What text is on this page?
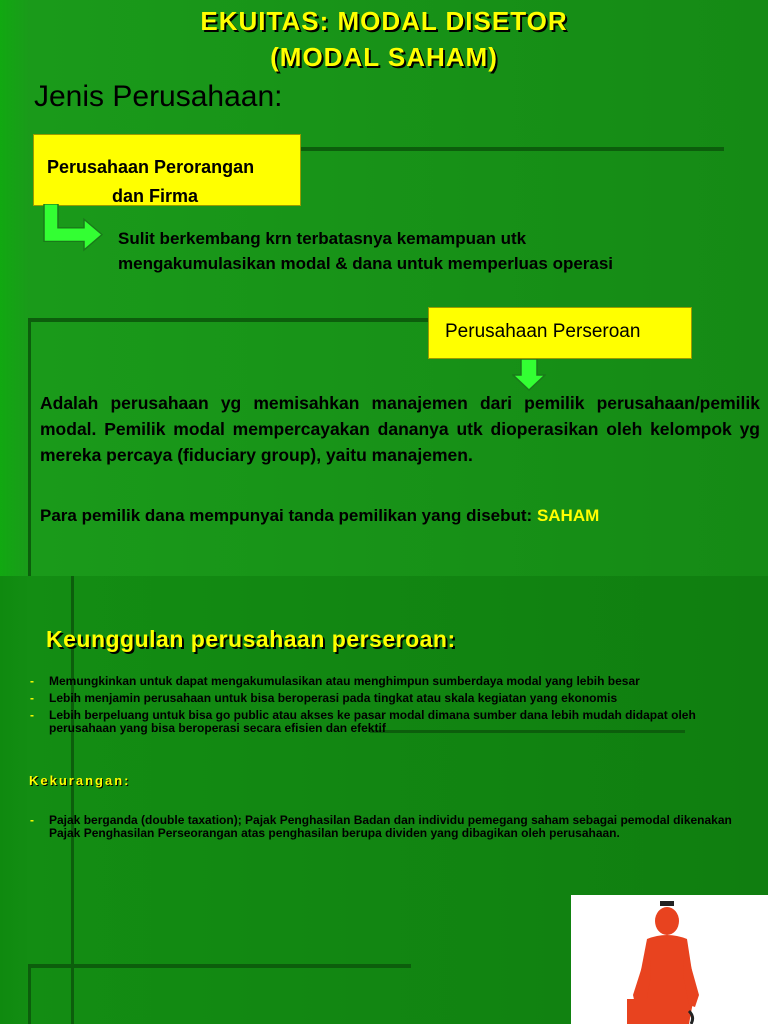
EKUITAS: MODAL DISETOR
(MODAL SAHAM)
Jenis Perusahaan:
Perusahaan Perorangan
dan Firma
Sulit berkembang krn terbatasnya kemampuan utk
mengakumulasikan modal & dana untuk memperluas operasi
Perusahaan Perseroan
Adalah perusahaan yg memisahkan manajemen dari pemilik perusahaan/pemilik modal. Pemilik modal mempercayakan dananya utk dioperasikan oleh kelompok yg mereka percaya (fiduciary group), yaitu manajemen.
Para pemilik dana mempunyai tanda pemilikan yang disebut: SAHAM
Keunggulan perusahaan perseroan:
- Memungkinkan untuk dapat mengakumulasikan atau menghimpun sumberdaya modal yang lebih besar
- Lebih menjamin perusahaan untuk bisa beroperasi pada tingkat atau skala kegiatan yang ekonomis
- Lebih berpeluang untuk bisa go public atau akses ke pasar modal dimana sumber dana lebih mudah didapat oleh perusahaan yang bisa beroperasi secara efisien dan efektif
Kekurangan:
- Pajak berganda (double taxation); Pajak Penghasilan Badan dan individu pemegang saham sebagai pemodal dikenakan Pajak Penghasilan Perseorangan atas penghasilan berupa dividen yang dibagikan oleh perusahaan.
